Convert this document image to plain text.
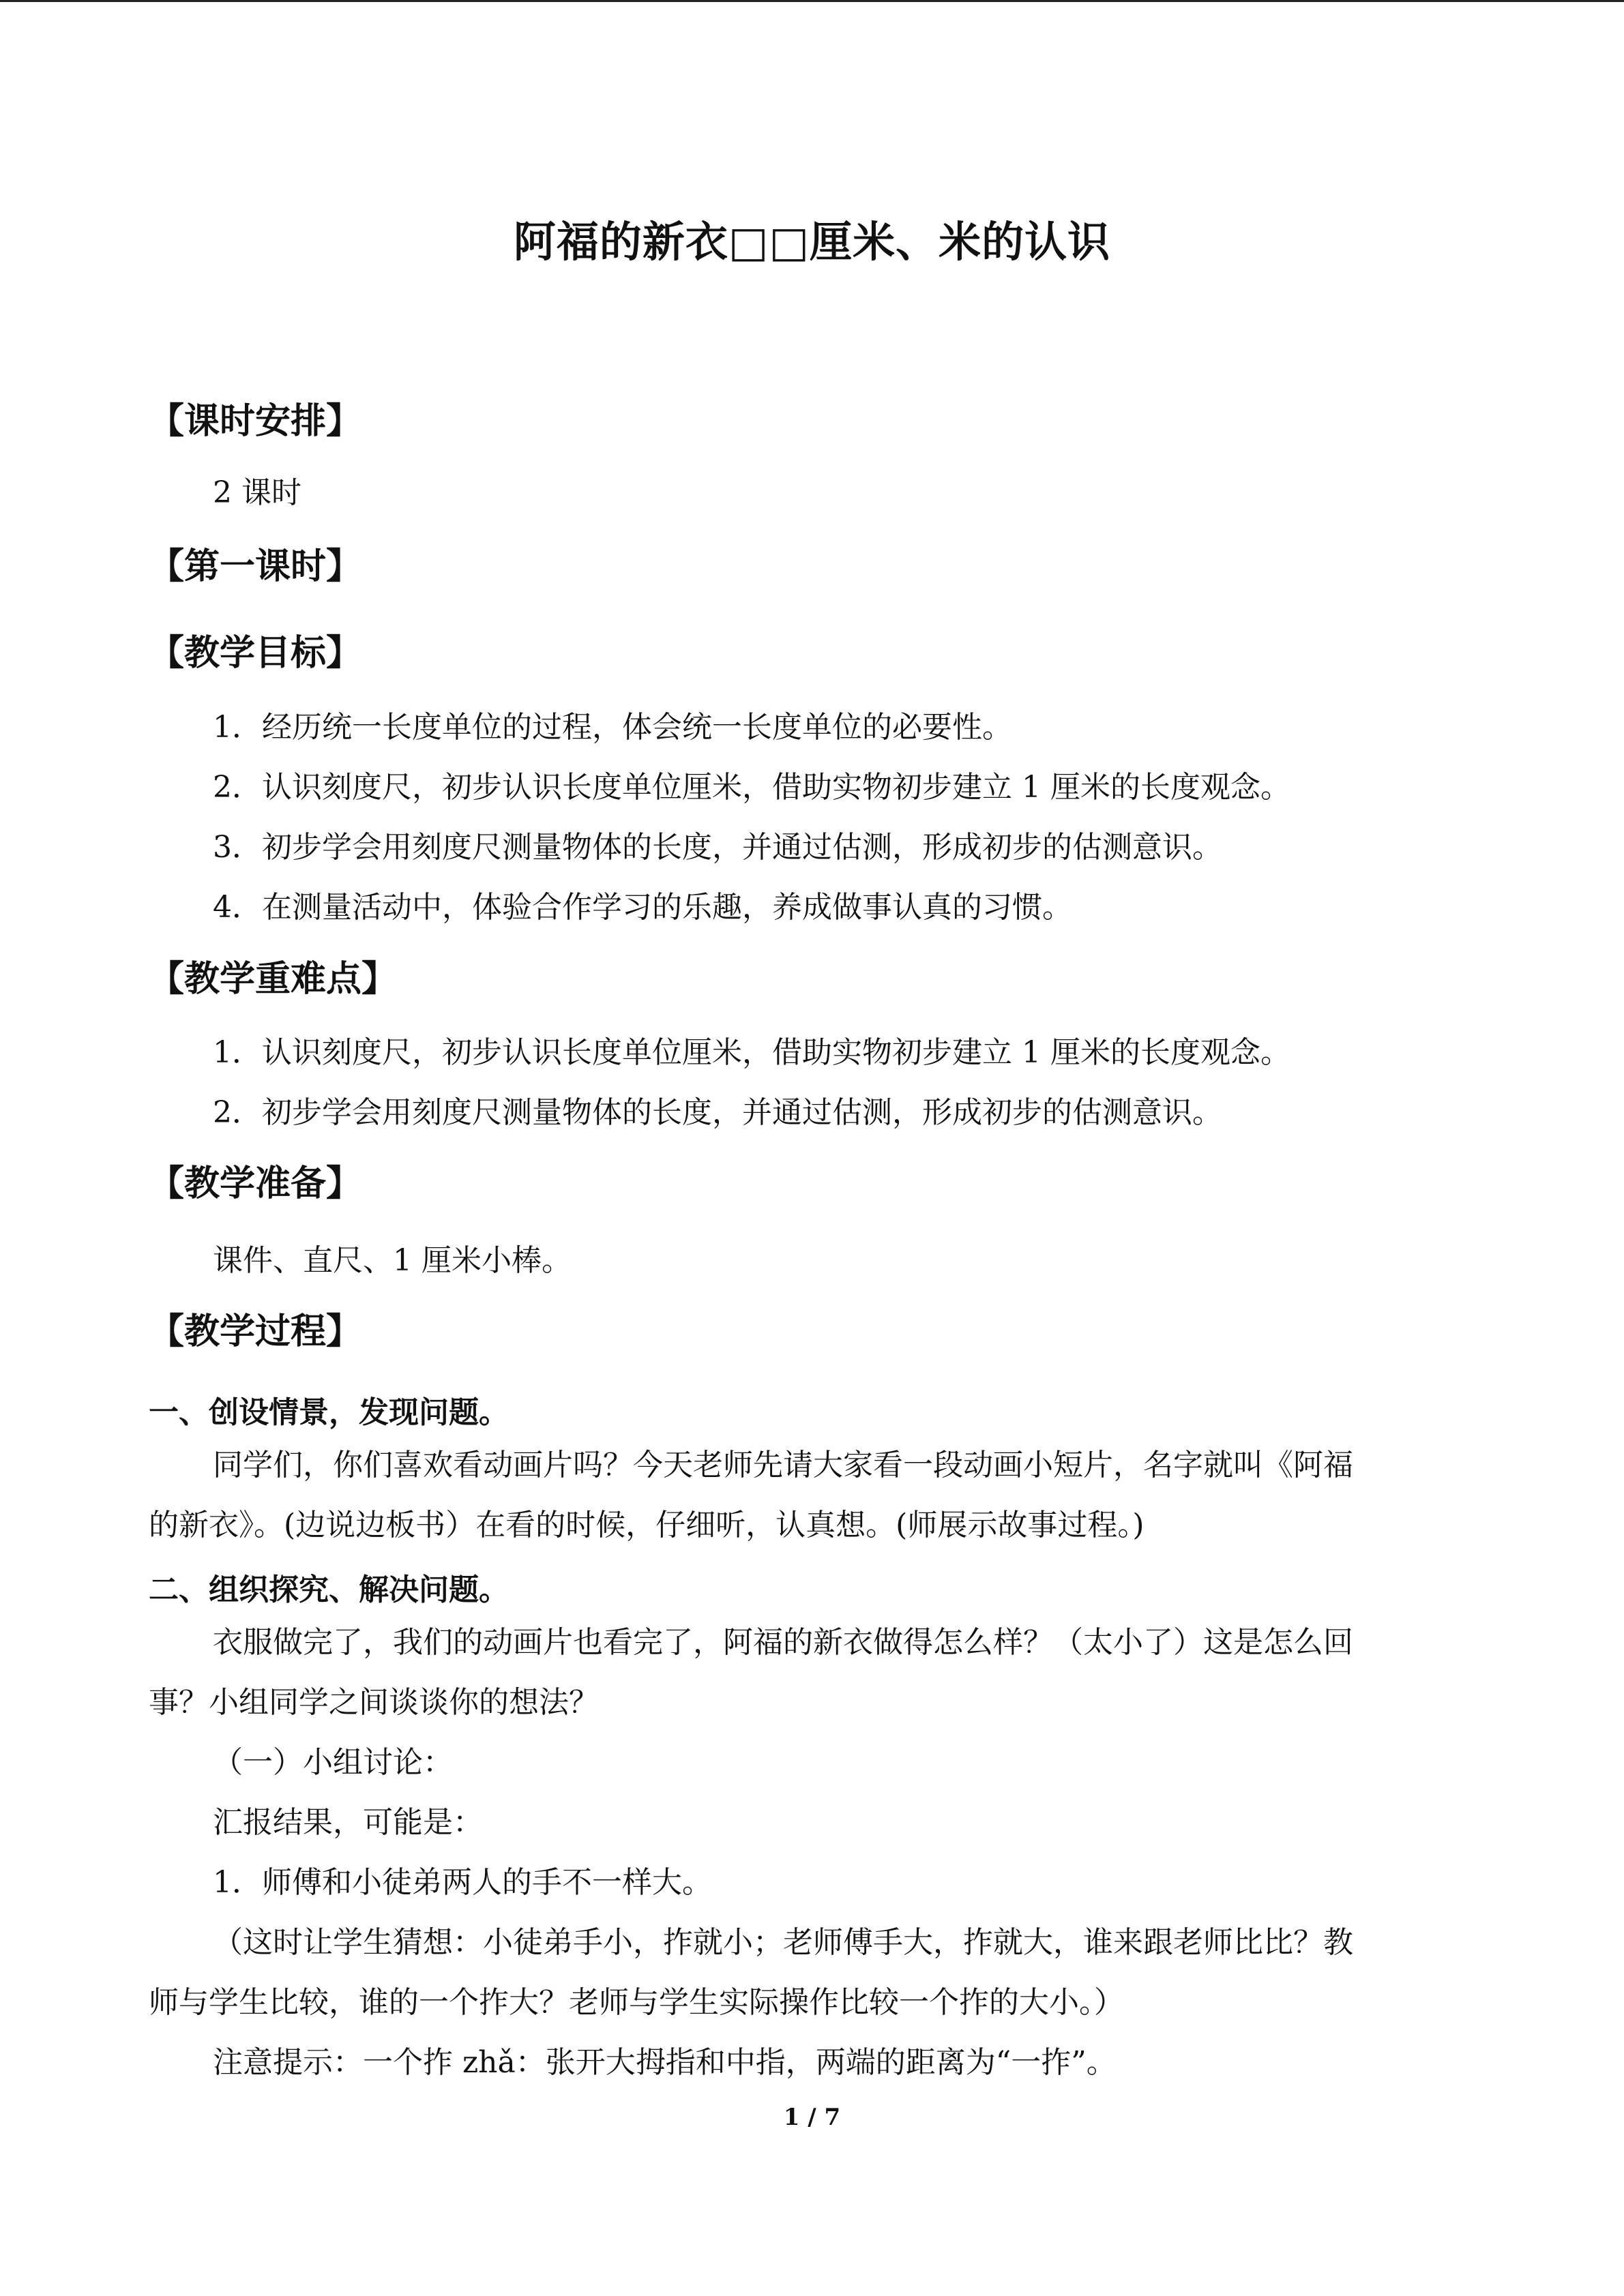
阿福的新衣□□厘米、米的认识
【课时安排】
2 课时
【第一课时】
【教学目标】
1．经历统一长度单位的过程，体会统一长度单位的必要性。
2．认识刻度尺，初步认识长度单位厘米，借助实物初步建立 1 厘米的长度观念。
3．初步学会用刻度尺测量物体的长度，并通过估测，形成初步的估测意识。
4．在测量活动中，体验合作学习的乐趣，养成做事认真的习惯。
【教学重难点】
1．认识刻度尺，初步认识长度单位厘米，借助实物初步建立 1 厘米的长度观念。
2．初步学会用刻度尺测量物体的长度，并通过估测，形成初步的估测意识。
【教学准备】
课件、直尺、1 厘米小棒。
【教学过程】
一、创设情景，发现问题。
同学们，你们喜欢看动画片吗？今天老师先请大家看一段动画小短片，名字就叫《阿福
的新衣》。(边说边板书）在看的时候，仔细听，认真想。(师展示故事过程。)
二、组织探究、解决问题。
衣服做完了，我们的动画片也看完了，阿福的新衣做得怎么样？（太小了）这是怎么回
事？小组同学之间谈谈你的想法？
（一）小组讨论：
汇报结果，可能是：
1．师傅和小徒弟两人的手不一样大。
（这时让学生猜想：小徒弟手小，拃就小；老师傅手大，拃就大，谁来跟老师比比？教
师与学生比较，谁的一个拃大？老师与学生实际操作比较一个拃的大小。）
注意提示：一个拃 zhǎ：张开大拇指和中指，两端的距离为“一拃”。
1 / 7
